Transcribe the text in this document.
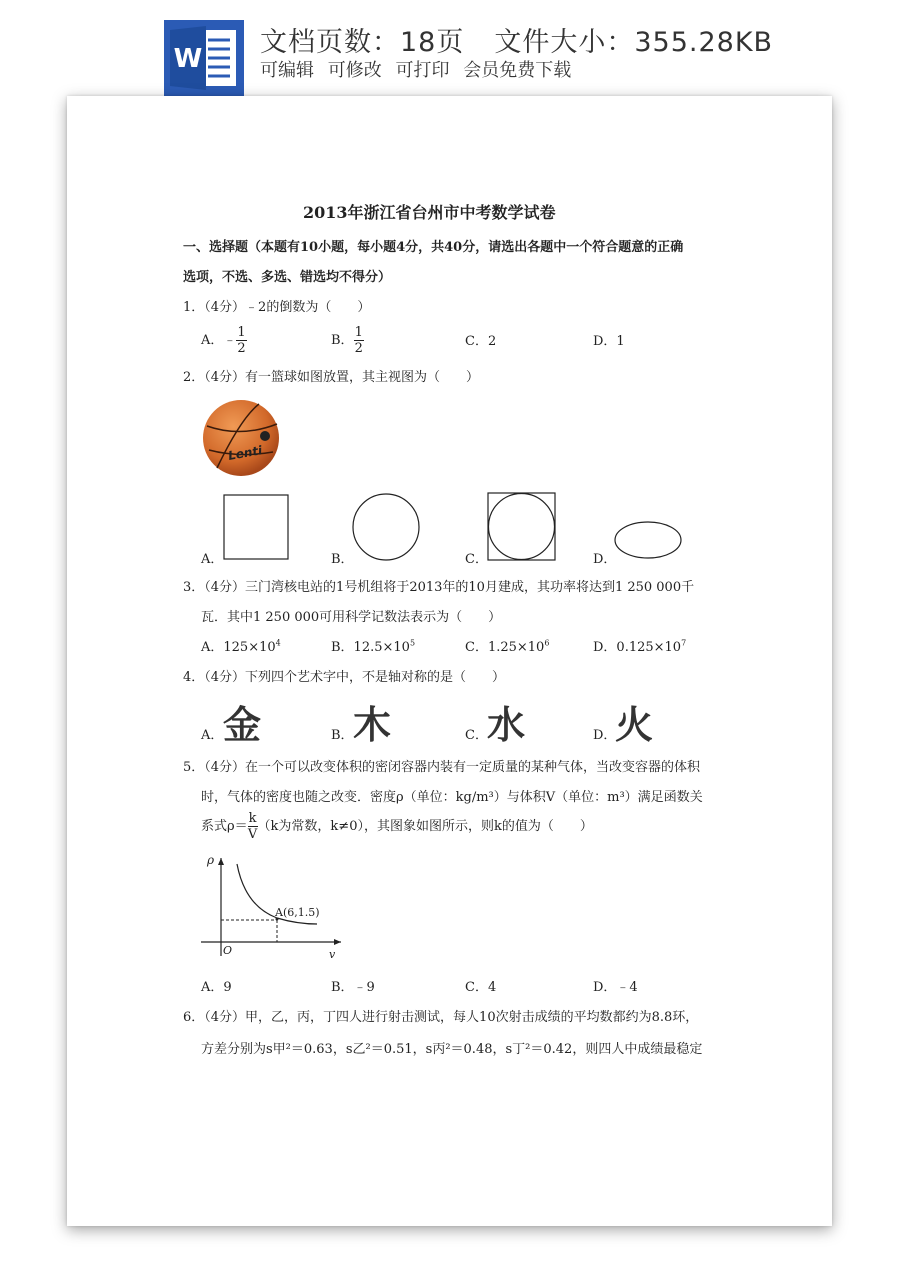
W
文档页数：18页 文件大小：355.28KB
可编辑 可修改 可打印 会员免费下载
2013年浙江省台州市中考数学试卷
一、选择题（本题有10小题，每小题4分，共40分，请选出各题中一个符合题意的正确
选项，不选、多选、错选均不得分）
1．（4分）﹣2的倒数为（　　）
A．﹣ $\frac{1}{2}$	B． $\frac{1}{2}$	C．2	D．1
2．（4分）有一篮球如图放置，其主视图为（　　）
Lenti
A．	B．	C．	D．
3．（4分）三门湾核电站的1号机组将于2013年的10月建成，其功率将达到1 250 000千
瓦．其中1 250 000可用科学记数法表示为（　　）
A．$125\times 10^4$	B．$12.5\times 10^5$	C．$1.25\times 10^6$	D．$0.125\times 10^7$
4．（4分）下列四个艺术字中，不是轴对称的是（　　）
A． 金	B． 木	C． 水	D．
火
5．（4分）在一个可以改变体积的密闭容器内装有一定质量的某种气体，当改变容器的体积
时，气体的密度也随之改变．密度ρ（单位：kg/m³）与体积V（单位：m³）满足函数关
系式$\rho= \frac{k}{V} (k$为常数，k≠0），其图象如图所示，则k的值为（　　）
ρ
v
O
A(6,1.5)
A．9	B．﹣9	C．4	D．﹣4
6．（4分）甲，乙，丙，丁四人进行射击测试，每人10次射击成绩的平均数都约为8.8环，
方差分别为s甲²＝0.63，s乙²＝0.51，s丙²＝0.48，s丁²＝0.42，则四人中成绩最稳定
